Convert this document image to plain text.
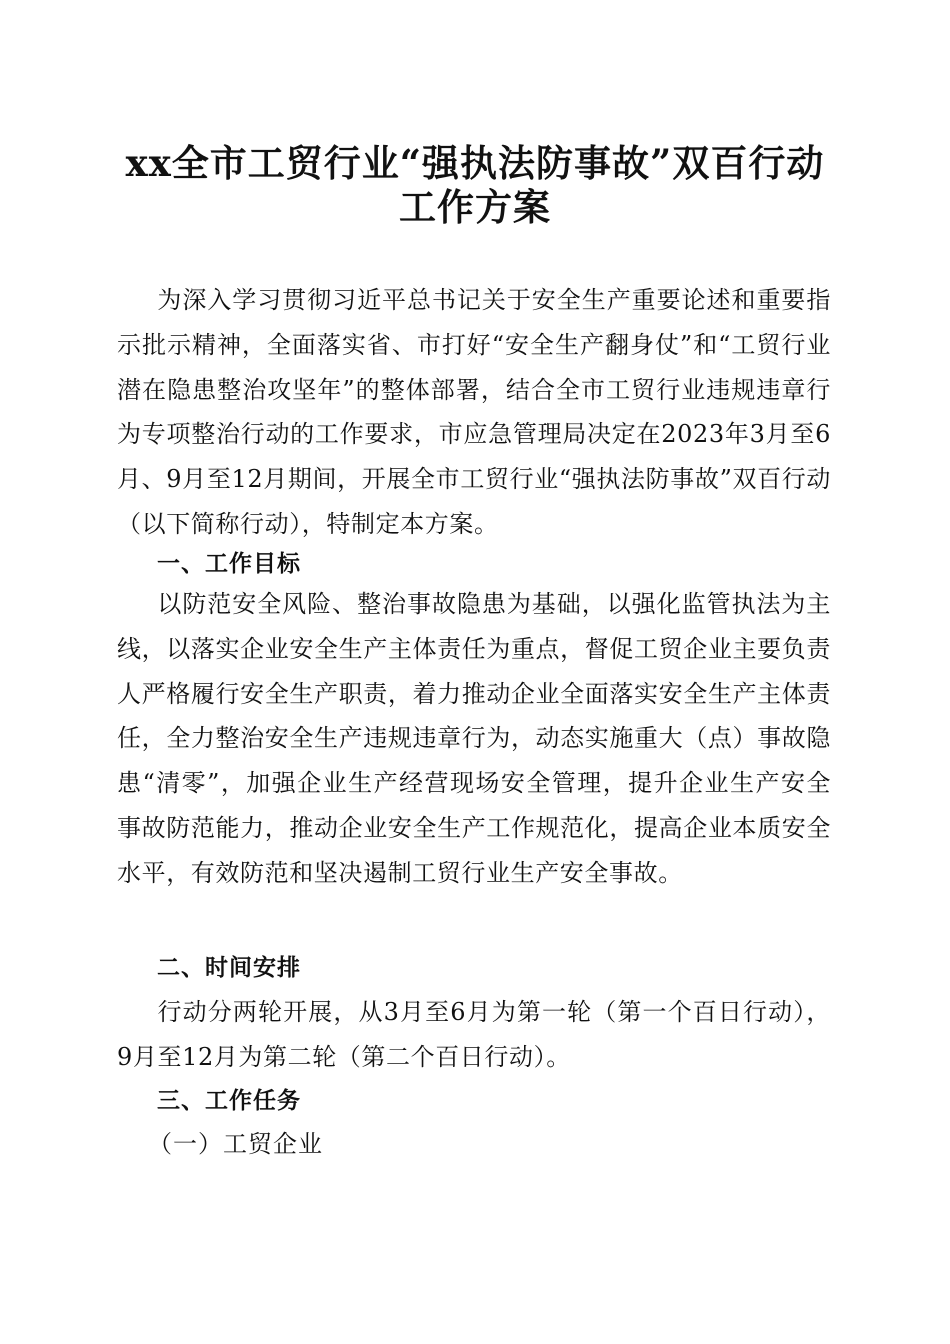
xx全市工贸行业“强执法防事故”双百行动
工作方案
为深入学习贯彻习近平总书记关于安全生产重要论述和重要指示批示精神，全面落实省、市打好“安全生产翻身仗”和“工贸行业潜在隐患整治攻坚年”的整体部署，结合全市工贸行业违规违章行为专项整治行动的工作要求，市应急管理局决定在2023年3月至6月、9月至12月期间，开展全市工贸行业“强执法防事故”双百行动（以下简称行动），特制定本方案。
一、工作目标
以防范安全风险、整治事故隐患为基础，以强化监管执法为主线，以落实企业安全生产主体责任为重点，督促工贸企业主要负责人严格履行安全生产职责，着力推动企业全面落实安全生产主体责任，全力整治安全生产违规违章行为，动态实施重大（点）事故隐患“清零”，加强企业生产经营现场安全管理，提升企业生产安全事故防范能力，推动企业安全生产工作规范化，提高企业本质安全水平，有效防范和坚决遏制工贸行业生产安全事故。
二、时间安排
行动分两轮开展，从3月至6月为第一轮（第一个百日行动），9月至12月为第二轮（第二个百日行动）。
三、工作任务
（一）工贸企业
